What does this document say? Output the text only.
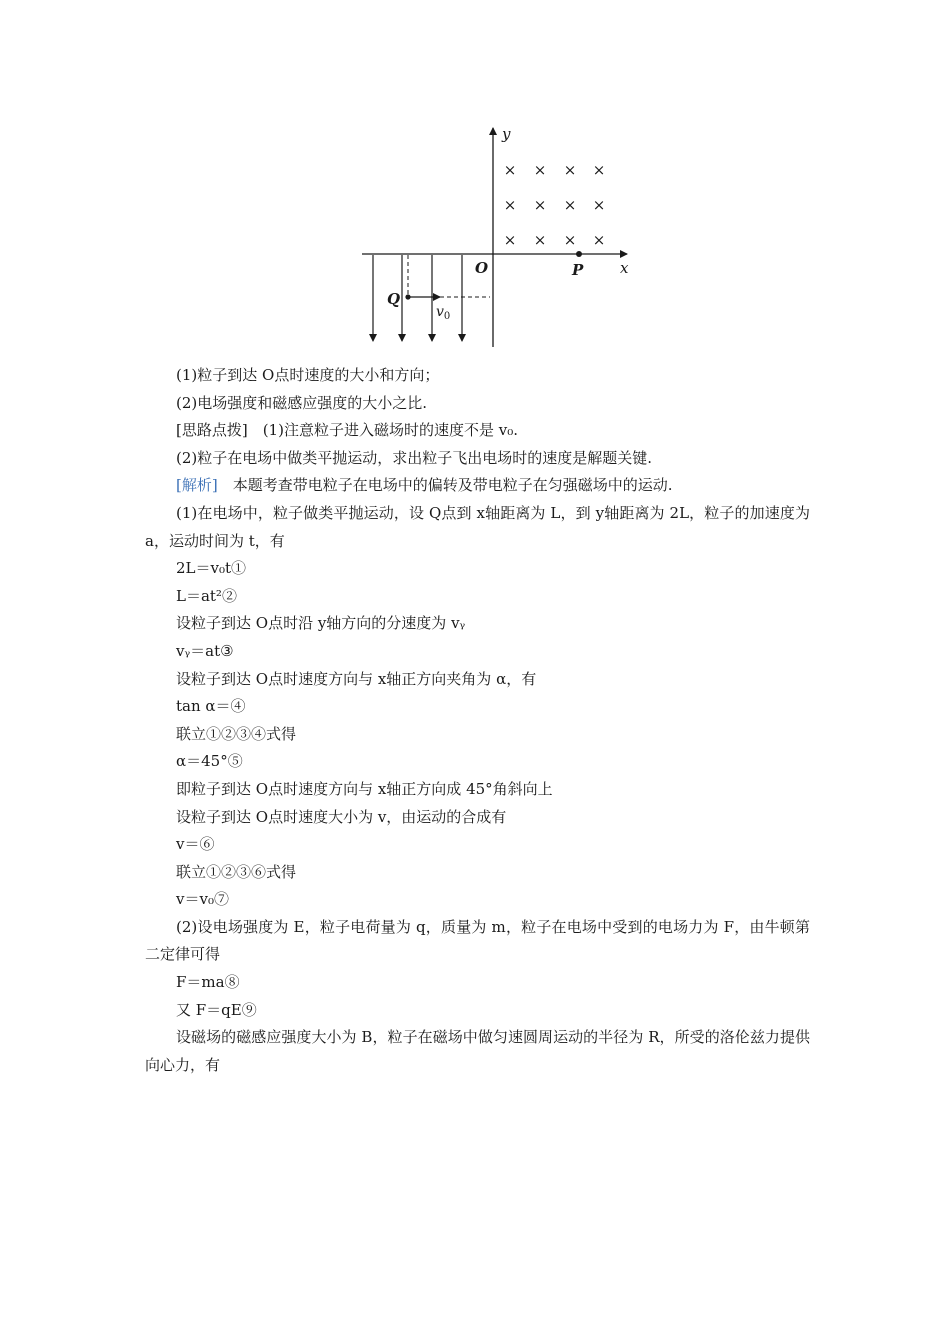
× × × ×
× × × ×
× × × ×
y
x
O	P
Q
$v_0$
(1)粒子到达 O点时速度的大小和方向；
(2)电场强度和磁感应强度的大小之比.
[思路点拨]　(1)注意粒子进入磁场时的速度不是 v₀.
(2)粒子在电场中做类平抛运动，求出粒子飞出电场时的速度是解题关键.
[解析]　本题考查带电粒子在电场中的偏转及带电粒子在匀强磁场中的运动.
(1)在电场中，粒子做类平抛运动，设 Q点到 x轴距离为 L，到 y轴距离为 2L，粒子的加速度为 a，运动时间为 t，有
2L＝v₀t①
L＝at²②
设粒子到达 O点时沿 y轴方向的分速度为 vᵧ
vᵧ＝at③
设粒子到达 O点时速度方向与 x轴正方向夹角为 α，有
tan α＝④
联立①②③④式得
α＝45°⑤
即粒子到达 O点时速度方向与 x轴正方向成 45°角斜向上
设粒子到达 O点时速度大小为 v，由运动的合成有
v＝⑥
联立①②③⑥式得
v＝v₀⑦
(2)设电场强度为 E，粒子电荷量为 q，质量为 m，粒子在电场中受到的电场力为 F，由牛顿第二定律可得
F＝ma⑧
又 F＝qE⑨
设磁场的磁感应强度大小为 B，粒子在磁场中做匀速圆周运动的半径为 R，所受的洛伦兹力提供向心力，有
